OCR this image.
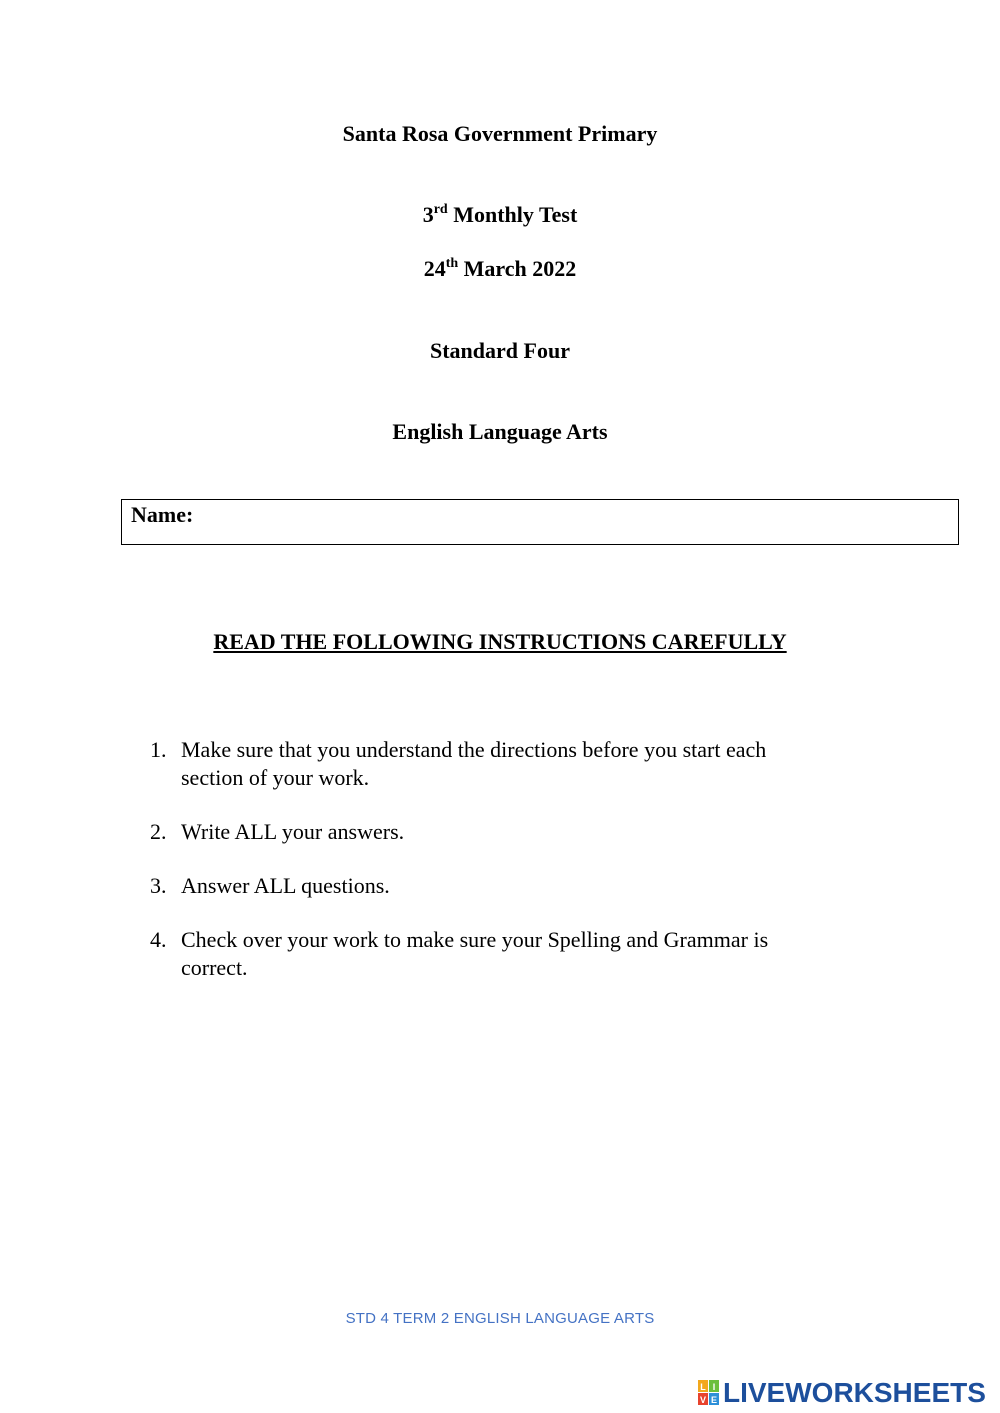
Santa Rosa Government Primary
3rd Monthly Test
24th March 2022
Standard Four
English Language Arts
Name:
READ THE FOLLOWING INSTRUCTIONS CAREFULLY
1. Make sure that you understand the directions before you start each section of your work.
2. Write ALL your answers.
3. Answer ALL questions.
4. Check over your work to make sure your Spelling and Grammar is correct.
STD 4 TERM 2 ENGLISH LANGUAGE ARTS
L I
V E LIVEWORKSHEETS
